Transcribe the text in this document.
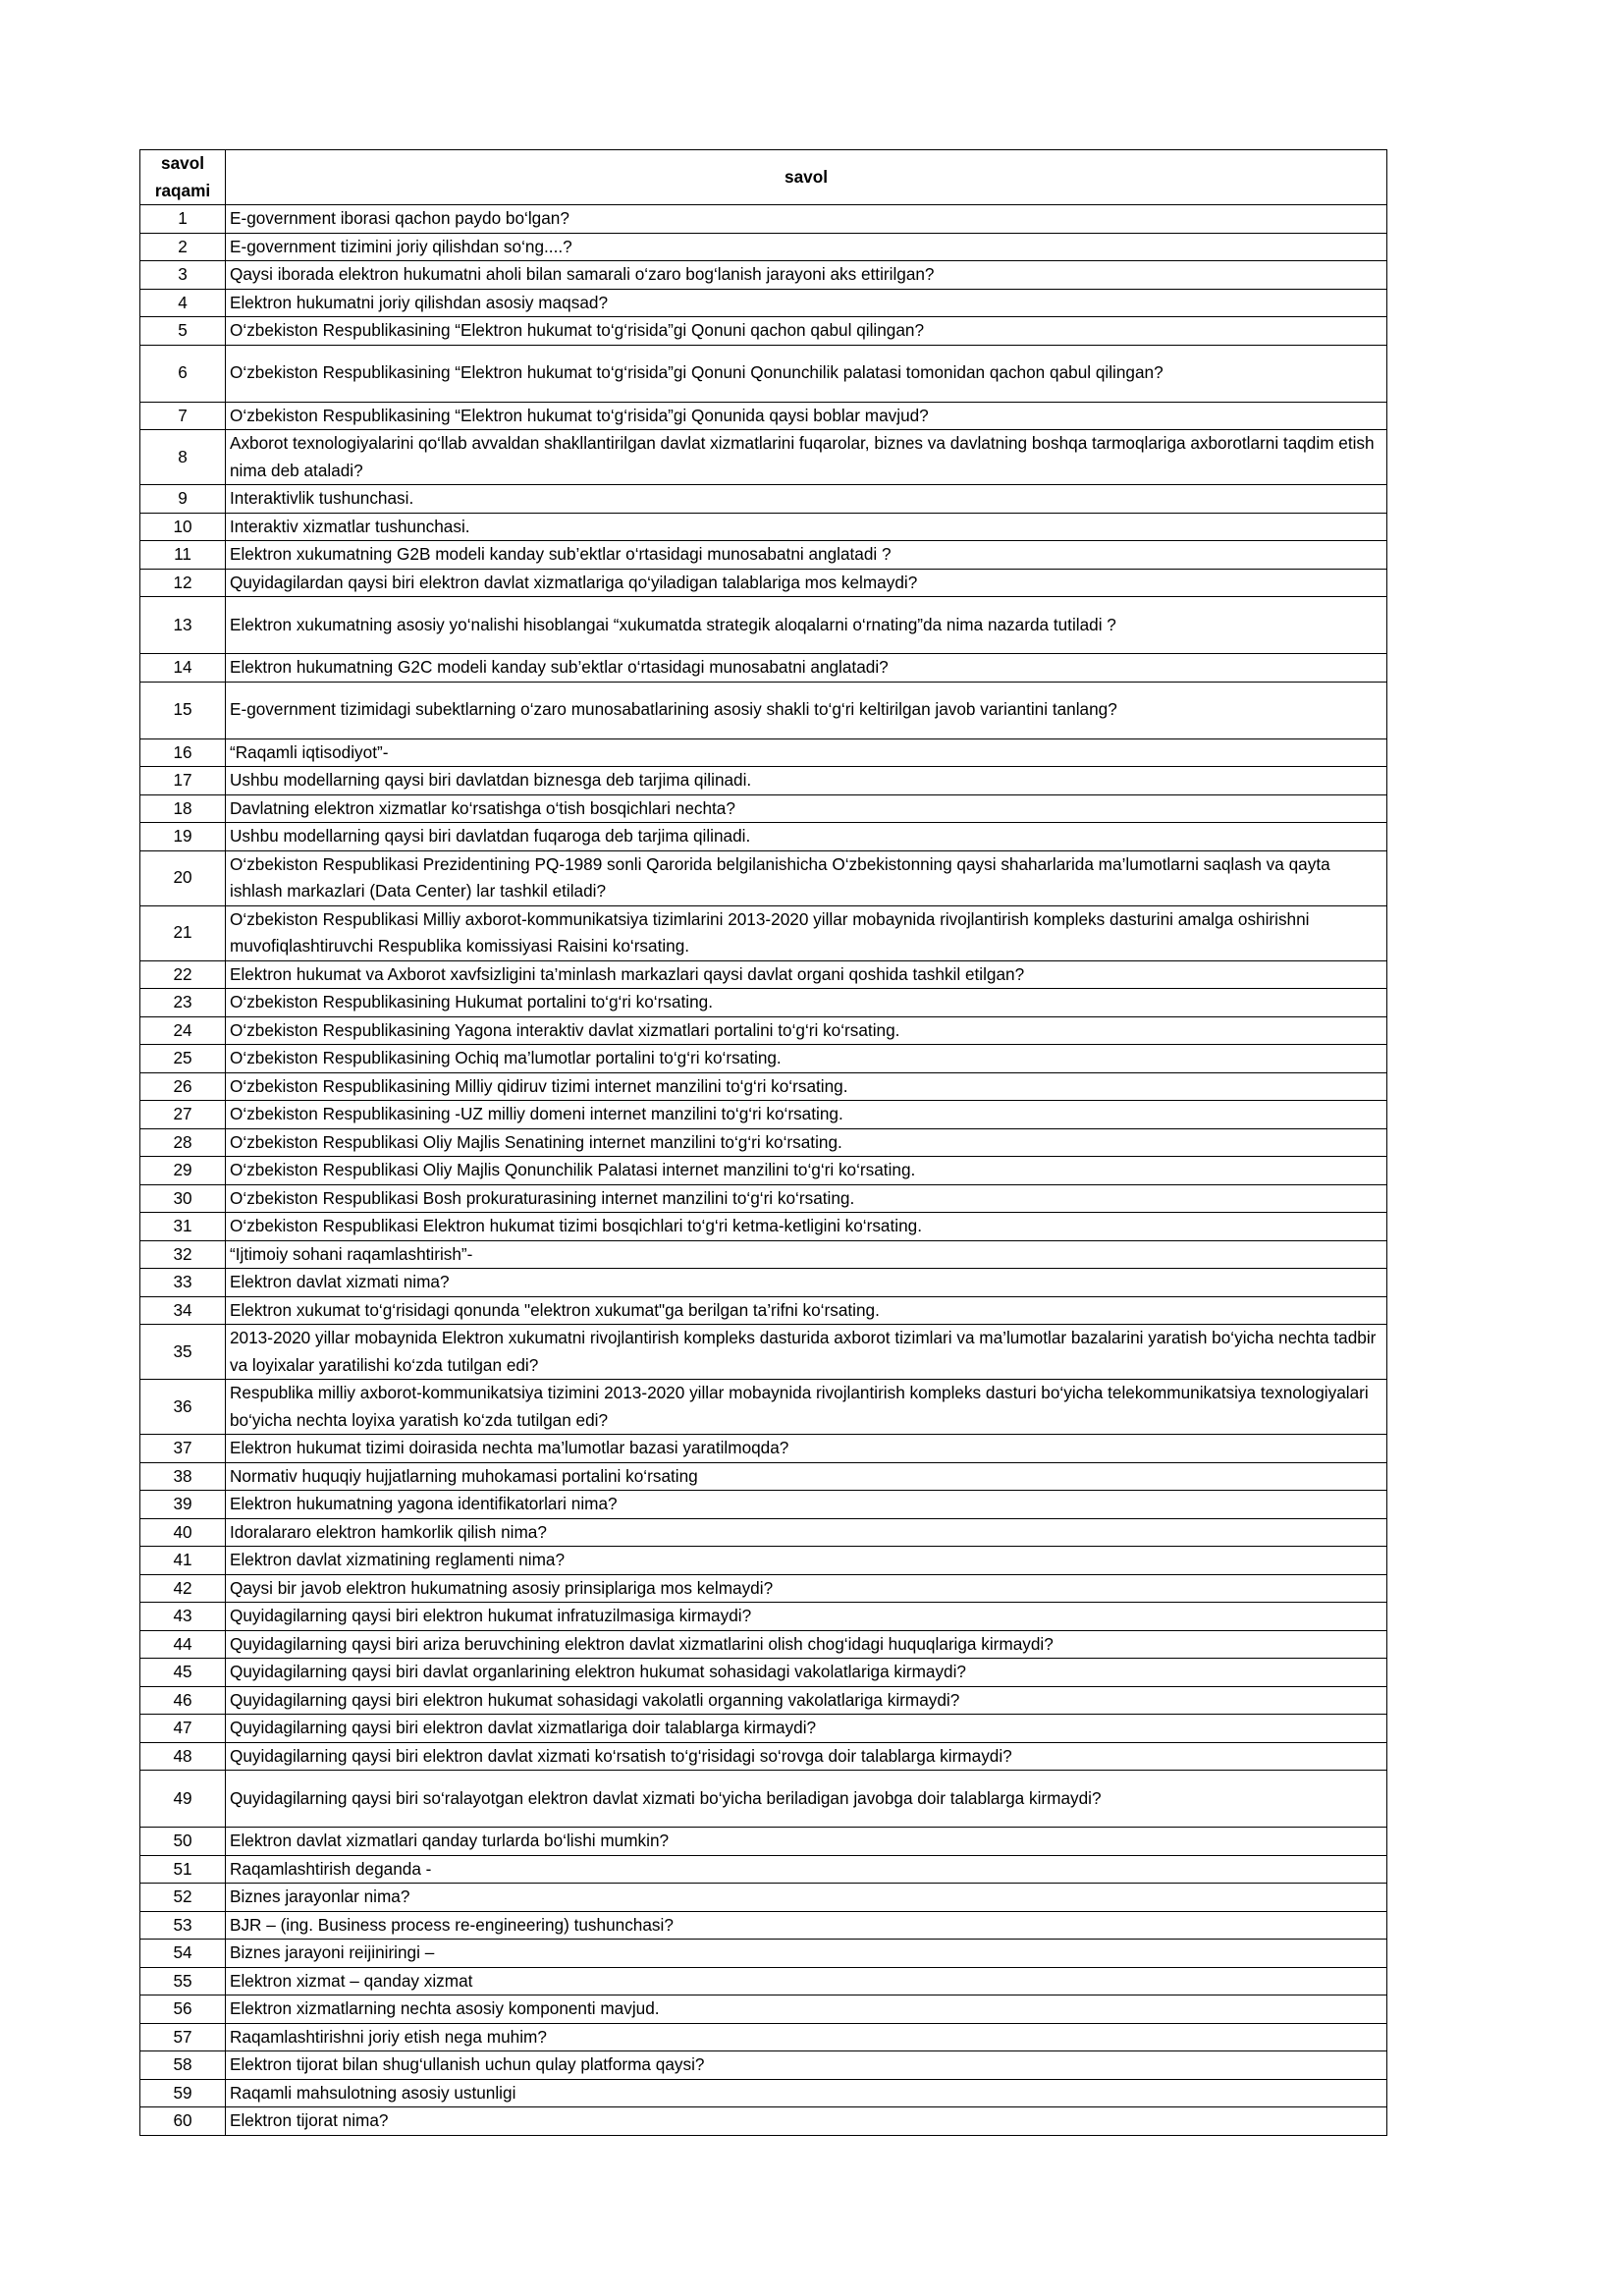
savol raqami	savol
1	E-government iborasi qachon paydo bo‘lgan?
2	E-government tizimini joriy qilishdan so‘ng....?
3	Qaysi iborada elektron hukumatni aholi bilan samarali o‘zaro bog‘lanish jarayoni aks ettirilgan?
4	Elektron hukumatni joriy qilishdan asosiy maqsad?
5	O‘zbekiston Respublikasining “Elektron hukumat to‘g‘risida”gi Qonuni qachon qabul qilingan?
6	O‘zbekiston Respublikasining “Elektron hukumat to‘g‘risida”gi Qonuni Qonunchilik palatasi tomonidan qachon qabul qilingan?
7	O‘zbekiston Respublikasining “Elektron hukumat to‘g‘risida”gi Qonunida qaysi boblar mavjud?
8	Axborot texnologiyalarini qo‘llab avvaldan shakllantirilgan davlat xizmatlarini fuqarolar, biznes va davlatning boshqa tarmoqlariga axborotlarni taqdim etish nima deb ataladi?
9	Interaktivlik tushunchasi.
10	Interaktiv xizmatlar tushunchasi.
11	Elektron xukumatning G2B modeli kanday sub’ektlar o‘rtasidagi munosabatni anglatadi ?
12	Quyidagilardan qaysi biri elektron davlat xizmatlariga qo‘yiladigan talablariga mos kelmaydi?
13	Elektron xukumatning asosiy yo‘nalishi hisoblangai “xukumatda strategik aloqalarni o‘rnating”da nima nazarda tutiladi ?
14	Elektron hukumatning G2C modeli kanday sub’ektlar o‘rtasidagi munosabatni anglatadi?
15	E-government tizimidagi subektlarning o‘zaro munosabatlarining asosiy shakli to‘g‘ri keltirilgan javob variantini tanlang?
16	“Raqamli iqtisodiyot”-
17	Ushbu modellarning qaysi biri davlatdan biznesga deb tarjima qilinadi.
18	Davlatning elektron xizmatlar ko‘rsatishga o‘tish bosqichlari nechta?
19	Ushbu modellarning qaysi biri davlatdan fuqaroga deb tarjima qilinadi.
20	O‘zbekiston Respublikasi Prezidentining PQ-1989 sonli Qarorida belgilanishicha O‘zbekistonning qaysi shaharlarida ma’lumotlarni saqlash va qayta ishlash markazlari (Data Center) lar tashkil etiladi?
21	O‘zbekiston Respublikasi Milliy axborot-kommunikatsiya tizimlarini 2013-2020 yillar mobaynida rivojlantirish kompleks dasturini amalga oshirishni muvofiqlashtiruvchi Respublika komissiyasi Raisini ko‘rsating.
22	Elektron hukumat va Axborot xavfsizligini ta’minlash markazlari qaysi davlat organi qoshida tashkil etilgan?
23	O‘zbekiston Respublikasining Hukumat portalini to‘g‘ri ko‘rsating.
24	O‘zbekiston Respublikasining Yagona interaktiv davlat xizmatlari portalini to‘g‘ri ko‘rsating.
25	O‘zbekiston Respublikasining Ochiq ma’lumotlar portalini to‘g‘ri ko‘rsating.
26	O‘zbekiston Respublikasining Milliy qidiruv tizimi internet manzilini to‘g‘ri ko‘rsating.
27	O‘zbekiston Respublikasining -UZ milliy domeni internet manzilini to‘g‘ri ko‘rsating.
28	O‘zbekiston Respublikasi Oliy Majlis Senatining internet manzilini to‘g‘ri ko‘rsating.
29	O‘zbekiston Respublikasi Oliy Majlis Qonunchilik Palatasi internet manzilini to‘g‘ri ko‘rsating.
30	O‘zbekiston Respublikasi Bosh prokuraturasining internet manzilini to‘g‘ri ko‘rsating.
31	O‘zbekiston Respublikasi Elektron hukumat tizimi bosqichlari to‘g‘ri ketma-ketligini ko‘rsating.
32	“Ijtimoiy sohani raqamlashtirish”-
33	Elektron davlat xizmati nima?
34	Elektron xukumat to‘g‘risidagi qonunda "elektron xukumat"ga berilgan ta’rifni ko‘rsating.
35	2013-2020 yillar mobaynida Elektron xukumatni rivojlantirish kompleks dasturida axborot tizimlari va ma’lumotlar bazalarini yaratish bo‘yicha nechta tadbir va loyixalar yaratilishi ko‘zda tutilgan edi?
36	Respublika milliy axborot-kommunikatsiya tizimini 2013-2020 yillar mobaynida rivojlantirish kompleks dasturi bo‘yicha telekommunikatsiya texnologiyalari bo‘yicha nechta loyixa yaratish ko‘zda tutilgan edi?
37	Elektron hukumat tizimi doirasida nechta ma’lumotlar bazasi yaratilmoqda?
38	Normativ huquqiy hujjatlarning muhokamasi portalini ko‘rsating
39	Elektron hukumatning yagona identifikatorlari nima?
40	Idoralararo elektron hamkorlik qilish nima?
41	Elektron davlat xizmatining reglamenti nima?
42	Qaysi bir javob elektron hukumatning asosiy prinsiplariga mos kelmaydi?
43	Quyidagilarning qaysi biri elektron hukumat infratuzilmasiga kirmaydi?
44	Quyidagilarning qaysi biri ariza beruvchining elektron davlat xizmatlarini olish chog‘idagi huquqlariga kirmaydi?
45	Quyidagilarning qaysi biri davlat organlarining elektron hukumat sohasidagi vakolatlariga kirmaydi?
46	Quyidagilarning qaysi biri elektron hukumat sohasidagi vakolatli organning vakolatlariga kirmaydi?
47	Quyidagilarning qaysi biri elektron davlat xizmatlariga doir talablarga kirmaydi?
48	Quyidagilarning qaysi biri elektron davlat xizmati ko‘rsatish to‘g‘risidagi so‘rovga doir talablarga kirmaydi?
49	Quyidagilarning qaysi biri so‘ralayotgan elektron davlat xizmati bo‘yicha beriladigan javobga doir talablarga kirmaydi?
50	Elektron davlat xizmatlari qanday turlarda bo‘lishi mumkin?
51	Raqamlashtirish deganda -
52	Biznes jarayonlar nima?
53	BJR – (ing. Business process re-engineering) tushunchasi?
54	Biznes jarayoni reijiniringi –
55	Elektron xizmat – qanday xizmat
56	Elektron xizmatlarning nechta asosiy komponenti mavjud.
57	Raqamlashtirishni joriy etish nega muhim?
58	Elektron tijorat bilan shug‘ullanish uchun qulay platforma qaysi?
59	Raqamli mahsulotning asosiy ustunligi
60	Elektron tijorat nima?
